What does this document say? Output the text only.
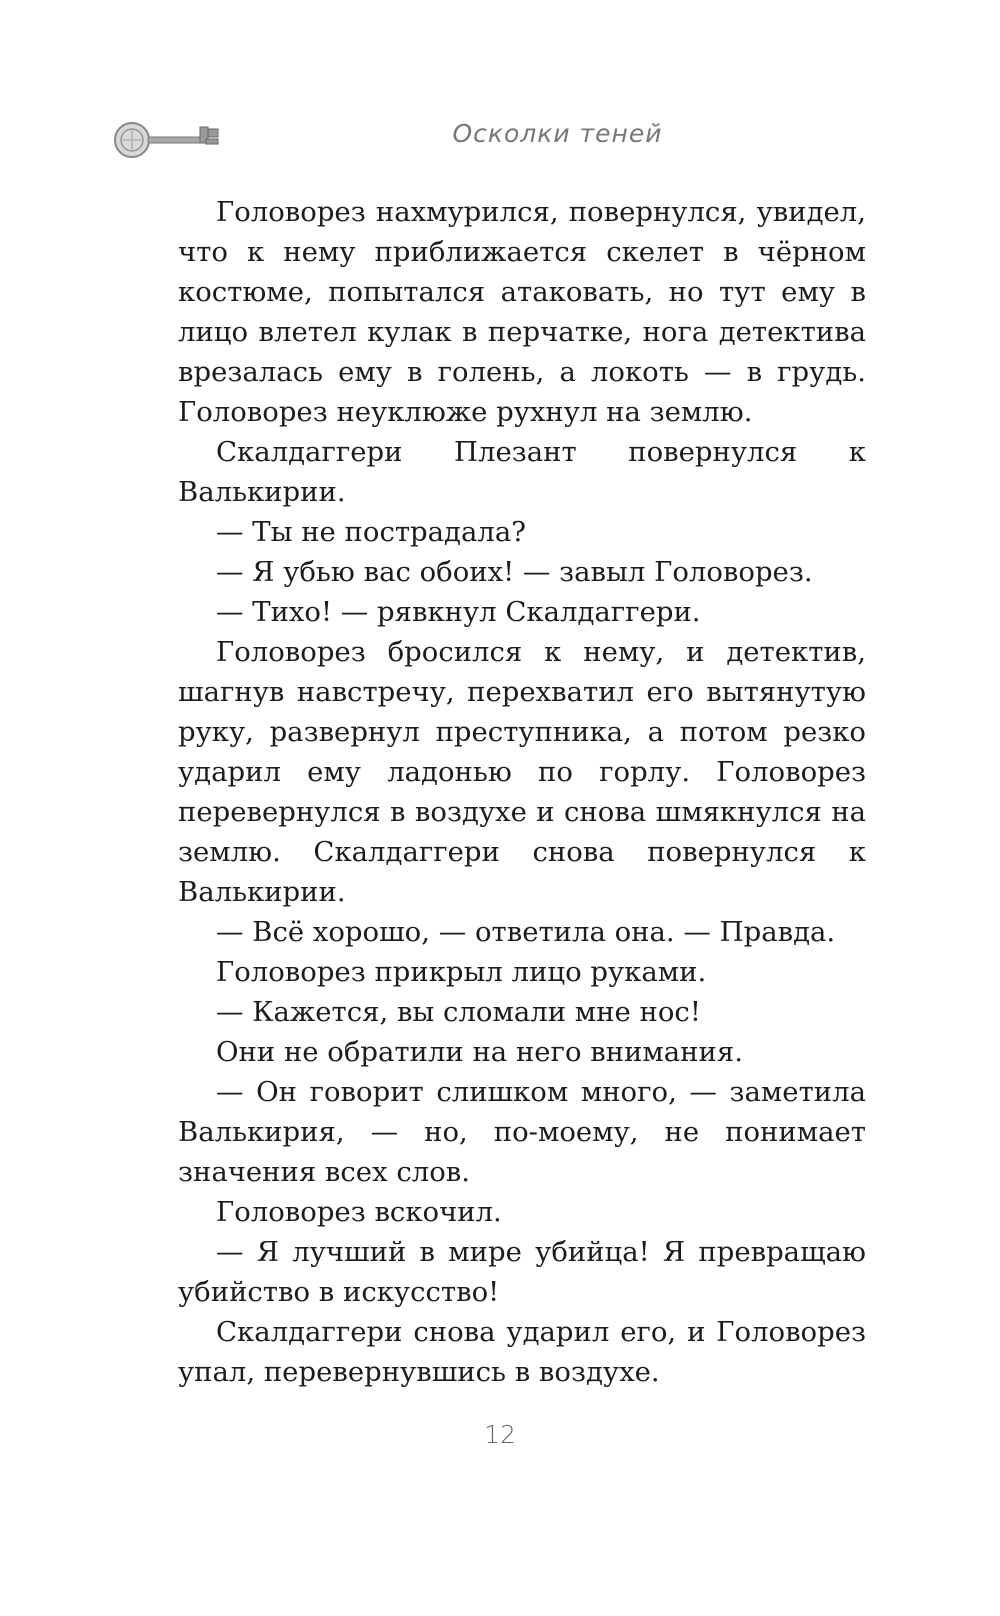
Осколки теней

Головорез нахмурился, повернулся, увидел, что к нему приближается скелет в чёрном костюме, попытался атаковать, но тут ему в лицо влетел кулак в перчатке, нога детектива врезалась ему в голень, а локоть — в грудь. Головорез неуклюже рухнул на землю.

Скалдаггери Плезант повернулся к Валькирии.

— Ты не пострадала?

— Я убью вас обоих! — завыл Головорез.

— Тихо! — рявкнул Скалдаггери.

Головорез бросился к нему, и детектив, шагнув навстречу, перехватил его вытянутую руку, развернул преступника, а потом резко ударил ему ладонью по горлу. Головорез перевернулся в воздухе и снова шмякнулся на землю. Скалдаггери снова повернулся к Валькирии.

— Всё хорошо, — ответила она. — Правда.

Головорез прикрыл лицо руками.

— Кажется, вы сломали мне нос!

Они не обратили на него внимания.

— Он говорит слишком много, — заметила Валькирия, — но, по-моему, не понимает значения всех слов.

Головорез вскочил.

— Я лучший в мире убийца! Я превращаю убийство в искусство!

Скалдаггери снова ударил его, и Головорез упал, перевернувшись в воздухе.

12
